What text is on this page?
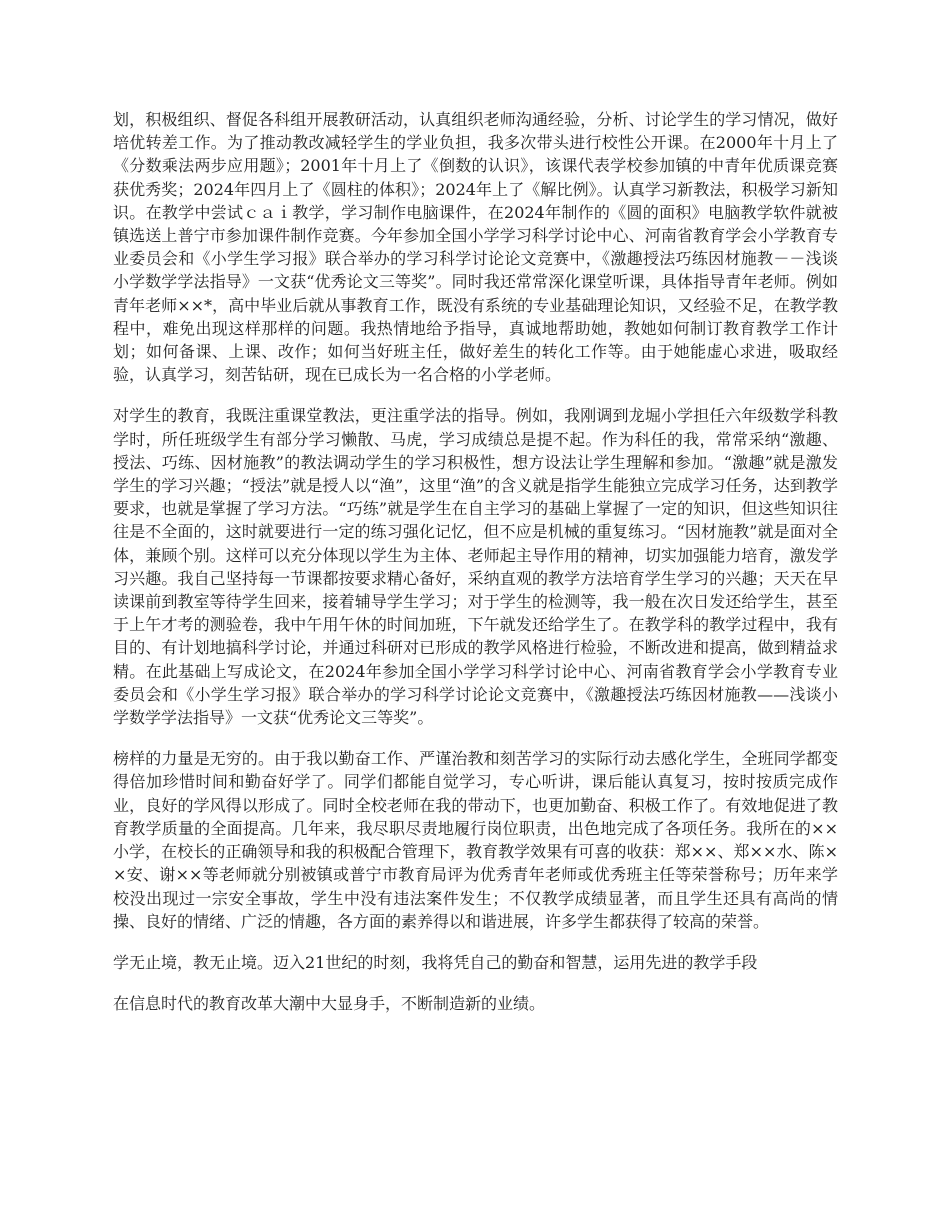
划，积极组织、督促各科组开展教研活动，认真组织老师沟通经验，分析、讨论学生的学习情况，做好培优转差工作。为了推动教改减轻学生的学业负担，我多次带头进行校性公开课。在2000年十月上了《分数乘法两步应用题》；2001年十月上了《倒数的认识》，该课代表学校参加镇的中青年优质课竞赛获优秀奖；2024年四月上了《圆柱的体积》；2024年上了《解比例》。认真学习新教法，积极学习新知识。在教学中尝试ｃａｉ教学，学习制作电脑课件，在2024年制作的《圆的面积》电脑教学软件就被镇选送上普宁市参加课件制作竞赛。今年参加全国小学学习科学讨论中心、河南省教育学会小学教育专业委员会和《小学生学习报》联合举办的学习科学讨论论文竞赛中，《激趣授法巧练因材施教－－浅谈小学数学学法指导》一文获“优秀论文三等奖”。同时我还常常深化课堂听课，具体指导青年老师。例如青年老师××*，高中毕业后就从事教育工作，既没有系统的专业基础理论知识，又经验不足，在教学教程中，难免出现这样那样的问题。我热情地给予指导，真诚地帮助她，教她如何制订教育教学工作计划；如何备课、上课、改作；如何当好班主任，做好差生的转化工作等。由于她能虚心求进，吸取经验，认真学习，刻苦钻研，现在已成长为一名合格的小学老师。

对学生的教育，我既注重课堂教法，更注重学法的指导。例如，我刚调到龙堀小学担任六年级数学科教学时，所任班级学生有部分学习懒散、马虎，学习成绩总是提不起。作为科任的我，常常采纳“激趣、授法、巧练、因材施教”的教法调动学生的学习积极性，想方设法让学生理解和参加。“激趣”就是激发学生的学习兴趣；“授法”就是授人以“渔”，这里“渔”的含义就是指学生能独立完成学习任务，达到教学要求，也就是掌握了学习方法。“巧练”就是学生在自主学习的基础上掌握了一定的知识，但这些知识往往是不全面的，这时就要进行一定的练习强化记忆，但不应是机械的重复练习。“因材施教”就是面对全体，兼顾个别。这样可以充分体现以学生为主体、老师起主导作用的精神，切实加强能力培育，激发学习兴趣。我自己坚持每一节课都按要求精心备好，采纳直观的教学方法培育学生学习的兴趣；天天在早读课前到教室等待学生回来，接着辅导学生学习；对于学生的检测等，我一般在次日发还给学生，甚至于上午才考的测验卷，我中午用午休的时间加班，下午就发还给学生了。在教学科的教学过程中，我有目的、有计划地搞科学讨论，并通过科研对已形成的教学风格进行检验，不断改进和提高，做到精益求精。在此基础上写成论文，在2024年参加全国小学学习科学讨论中心、河南省教育学会小学教育专业委员会和《小学生学习报》联合举办的学习科学讨论论文竞赛中，《激趣授法巧练因材施教——浅谈小学数学学法指导》一文获“优秀论文三等奖”。

榜样的力量是无穷的。由于我以勤奋工作、严谨治教和刻苦学习的实际行动去感化学生，全班同学都变得倍加珍惜时间和勤奋好学了。同学们都能自觉学习，专心听讲，课后能认真复习，按时按质完成作业，良好的学风得以形成了。同时全校老师在我的带动下，也更加勤奋、积极工作了。有效地促进了教育教学质量的全面提高。几年来，我尽职尽责地履行岗位职责，出色地完成了各项任务。我所在的××小学，在校长的正确领导和我的积极配合管理下，教育教学效果有可喜的收获：郑××、郑××水、陈××安、谢××等老师就分别被镇或普宁市教育局评为优秀青年老师或优秀班主任等荣誉称号；历年来学校没出现过一宗安全事故，学生中没有违法案件发生；不仅教学成绩显著，而且学生还具有高尚的情操、良好的情绪、广泛的情趣，各方面的素养得以和谐进展，许多学生都获得了较高的荣誉。

学无止境，教无止境。迈入21世纪的时刻，我将凭自己的勤奋和智慧，运用先进的教学手段

在信息时代的教育改革大潮中大显身手，不断制造新的业绩。
